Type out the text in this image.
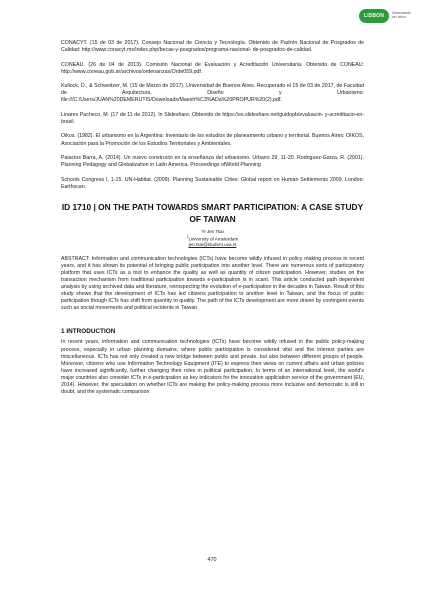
LISBON	Universidade de Lisboa

CONACYT. (15 de 03 de 2017). Consejo Nacional de Ciencia y Tecnología. Obtenido de Padrón Nacional de Posgrados de Calidad: http://www.conacyt.mx/index.php/becas-y-posgrados/programa-nacional- de-posgrados-de-calidad.

CONEAU. (26 de 04 de 2013). Comisión Nacional de Evaluación y Acreditación Universitaria. Obtenido de CONEAU: http://www.coneau.gob.ar/archivos/ordenanzas/Orde059.pdf.

Kullock, D., & Schweitzer, M. (15 de Marzo de 2017). Universidad de Buenos Aires. Recuperado el 15 de 03 de 2017, de Facultad de Arquitectura, Diseño y Urbanismo: file:///C:/Users/JUAN%20DEMERUTIS/Downloads/Maestr%C3%ADa%20PROPUR%20(2).pdf.

Linares Pacheco, M. (17 de 11 de 2012). In Slideshare. Obtenido de https://es.slideshare.net/guidopb/evaluacin- y-acreditacin-en-brasil.

Oikos. (1982). El urbanismo en la Argentina: Inventario de los estudios de planeamiento urbano y territorial. Buenos Aires: OIKOS, Asociación para la Promoción de los Estudios Territoriales y Ambientales.

Palacios Barra, A. (2014). Un nuevo constructo en la enseñanza del urbanismo. Urbano 29, 11-20. Rodriguez-Garza, R. (2001). Planning Pedagogy and Globalization in Latin America. Proceedings ofWorld Planning

Schools Congress I, 1-15. UN-Habitat. (2009). Planning Sustainable Cities: Global report on Human Settlements 2009. London: Earthscan.

ID 1710 | ON THE PATH TOWARDS SMART PARTICIPATION: A CASE STUDY OF TAIWAN
Yi-Jen Tsai
$^1$University of Amsterdam
jen.tsai@student.uva.nl

ABSTRACT: Information and communication technologies (ICTs) have become wildly infused in policy making process in recent years, and it has shown its potential of bringing public participation into another level. There are numerous sorts of participatory platform that uses ICTs as a tool to enhance the quality as well as quantity of citizen participation. However, studies on the transaction mechanism from traditional participation towards e-participation is in scant. This article conducted path dependent analysis by using archived data and literature, retrospecting the evolution of e-participation in the decades in Taiwan. Result of this study shows that the development of ICTs has led citizens participation to another level in Taiwan, and the focus of public participation though ICTs has shift from quantity to quality. The path of the ICTs development are more driven by contingent events such as social movements and political incidents in Taiwan.

1 INTRODUCTION

In recent years, information and communication technologies (ICTs) have become wildly infused in the public policy-making process, especially in urban planning domains, where public participation is considered vital and the interest parties are miscellaneous. ICTs has not only created a new bridge between public and private, but also between different groups of people. Moreover, citizens who use Information Technology Equipment (ITE) to express their views on current affairs and urban policies have increased significantly, further changing their roles in political participation. In terms of an international level, the world's major countries also consider ICTs in e-participation as key indicators for the innovation application service of the government (EU, 2014). However, the speculation on whether ICTs are making the policy-making process more inclusive and democratic is still in doubt, and the systematic comparison

470
